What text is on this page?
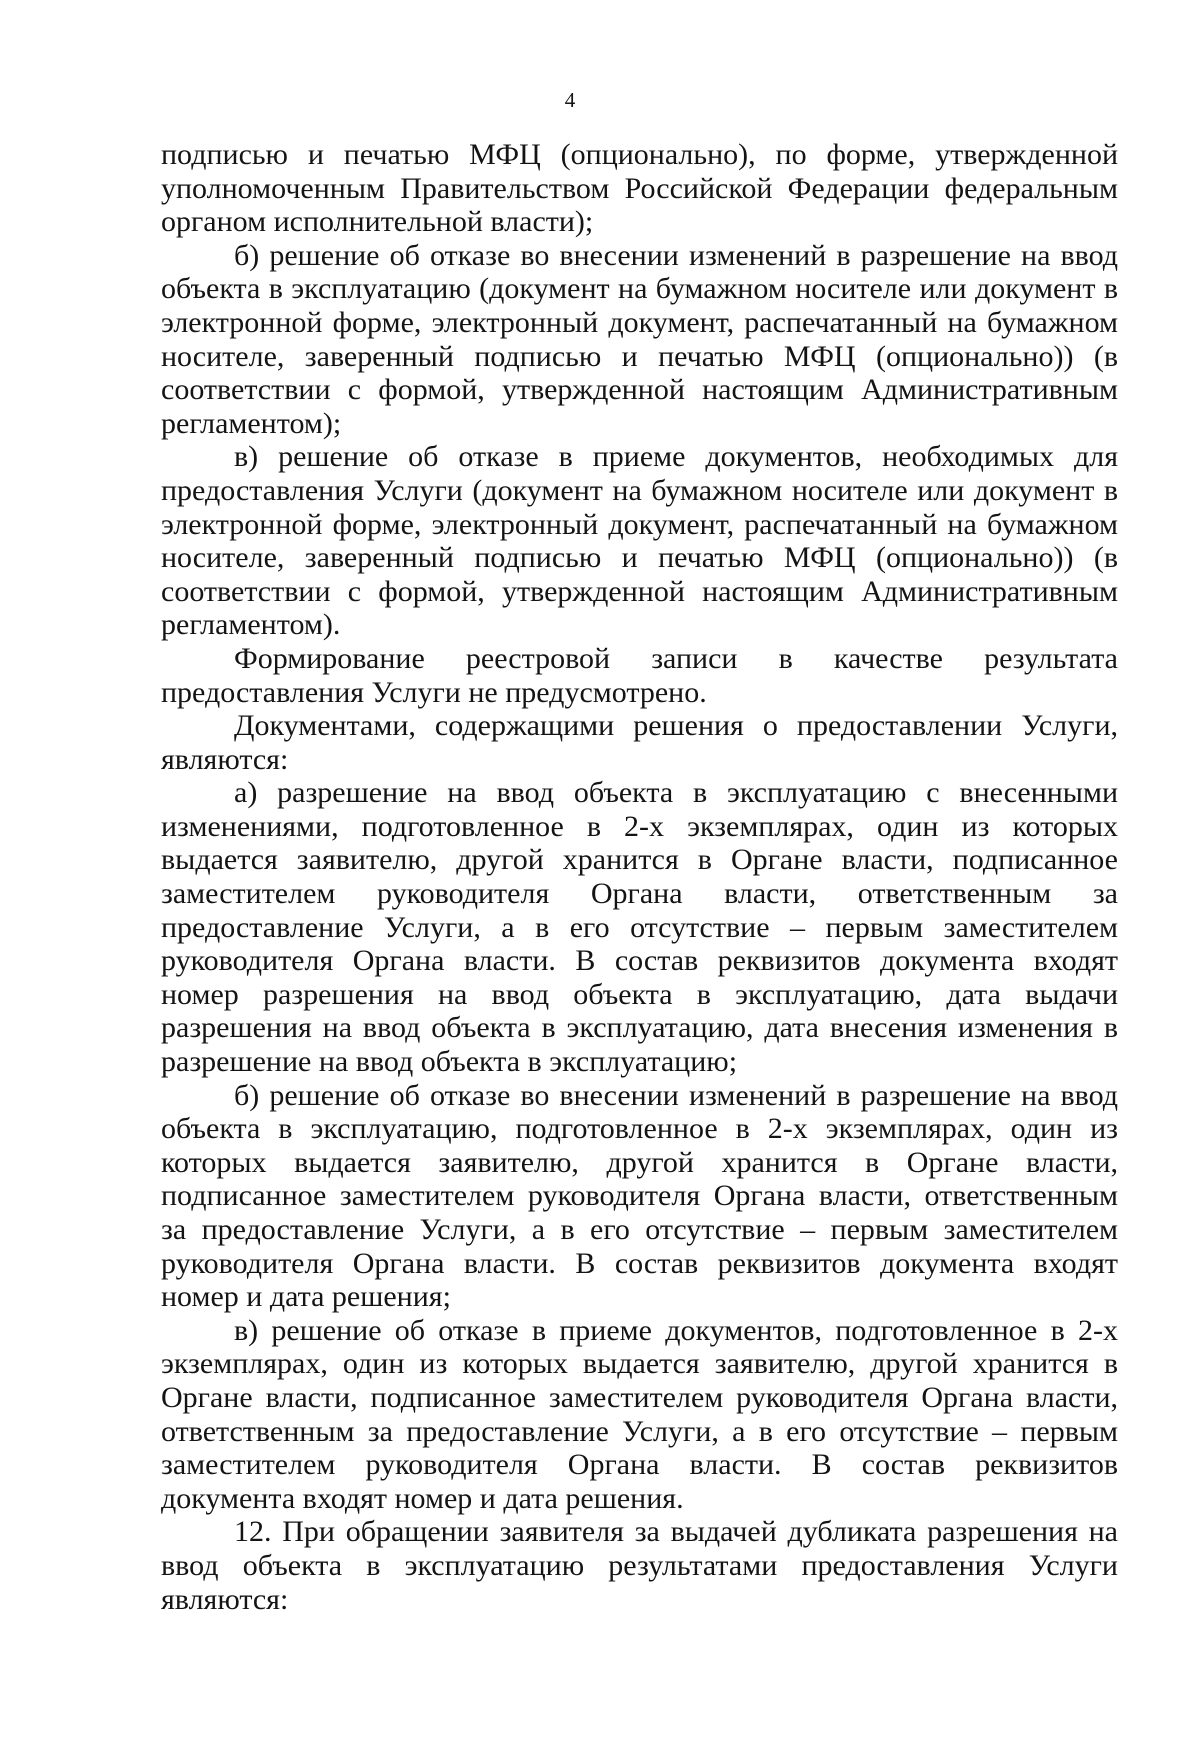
4

подписью и печатью МФЦ (опционально), по форме, утвержденной уполномоченным Правительством Российской Федерации федеральным органом исполнительной власти);

б) решение об отказе во внесении изменений в разрешение на ввод объекта в эксплуатацию (документ на бумажном носителе или документ в электронной форме, электронный документ, распечатанный на бумажном носителе, заверенный подписью и печатью МФЦ (опционально)) (в соответствии с формой, утвержденной настоящим Административным регламентом);

в) решение об отказе в приеме документов, необходимых для предоставления Услуги (документ на бумажном носителе или документ в электронной форме, электронный документ, распечатанный на бумажном носителе, заверенный подписью и печатью МФЦ (опционально)) (в соответствии с формой, утвержденной настоящим Административным регламентом).

Формирование реестровой записи в качестве результата предоставления Услуги не предусмотрено.

Документами, содержащими решения о предоставлении Услуги, являются:

а) разрешение на ввод объекта в эксплуатацию с внесенными изменениями, подготовленное в 2-х экземплярах, один из которых выдается заявителю, другой хранится в Органе власти, подписанное заместителем руководителя Органа власти, ответственным за предоставление Услуги, а в его отсутствие – первым заместителем руководителя Органа власти. В состав реквизитов документа входят номер разрешения на ввод объекта в эксплуатацию, дата выдачи разрешения на ввод объекта в эксплуатацию, дата внесения изменения в разрешение на ввод объекта в эксплуатацию;

б) решение об отказе во внесении изменений в разрешение на ввод объекта в эксплуатацию, подготовленное в 2-х экземплярах, один из которых выдается заявителю, другой хранится в Органе власти, подписанное заместителем руководителя Органа власти, ответственным за предоставление Услуги, а в его отсутствие – первым заместителем руководителя Органа власти. В состав реквизитов документа входят номер и дата решения;

в) решение об отказе в приеме документов, подготовленное в 2-х экземплярах, один из которых выдается заявителю, другой хранится в Органе власти, подписанное заместителем руководителя Органа власти, ответственным за предоставление Услуги, а в его отсутствие – первым заместителем руководителя Органа власти. В состав реквизитов документа входят номер и дата решения.

12. При обращении заявителя за выдачей дубликата разрешения на ввод объекта в эксплуатацию результатами предоставления Услуги являются:
